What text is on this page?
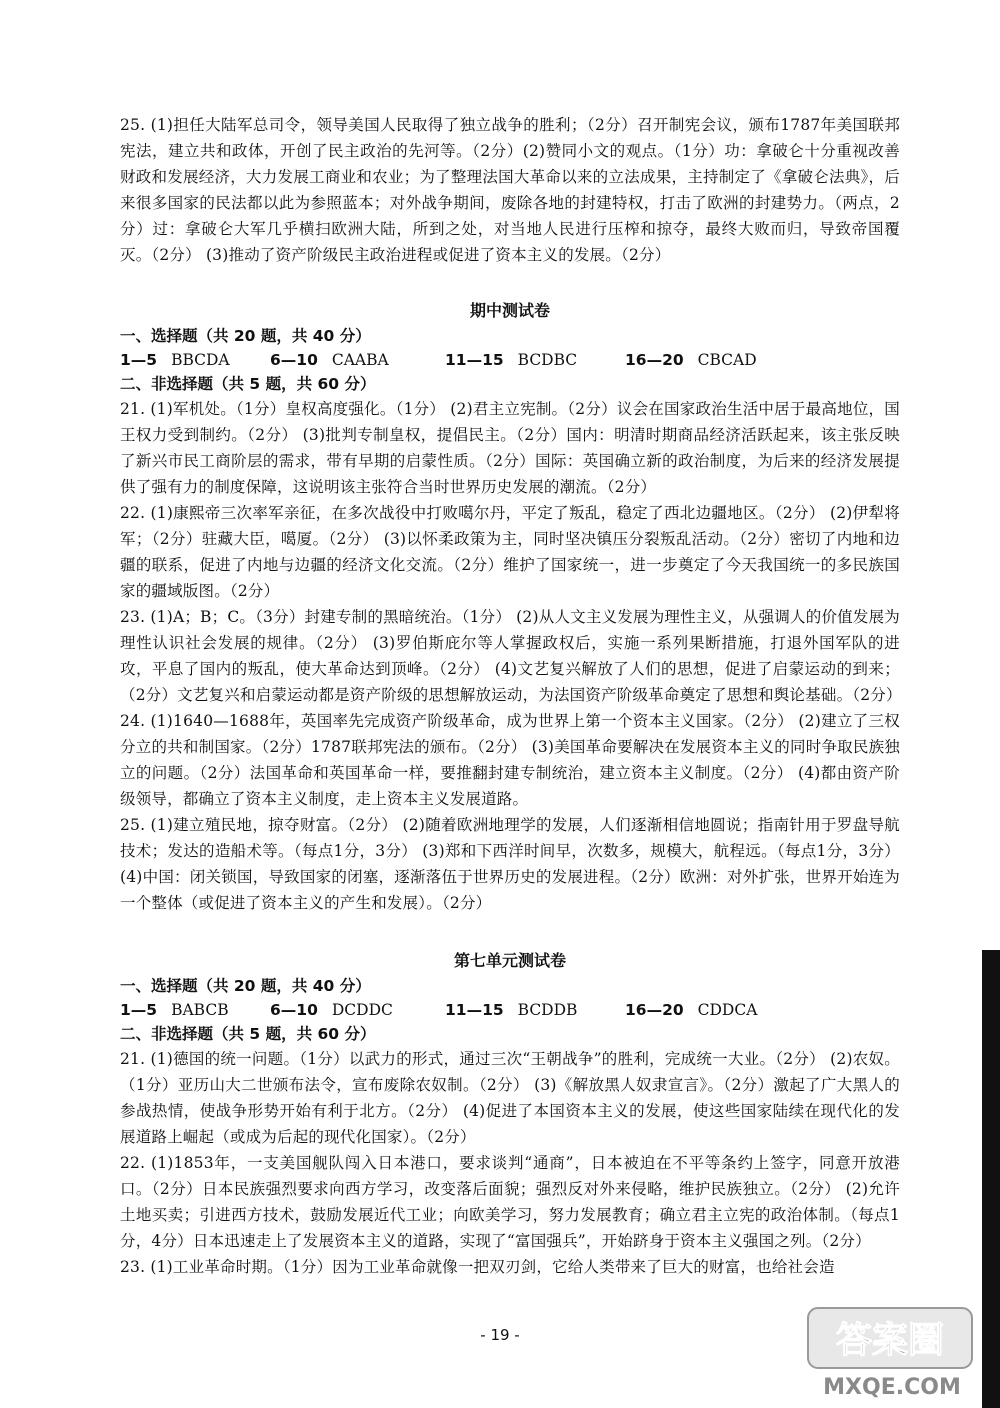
25. (1)担任大陆军总司令，领导美国人民取得了独立战争的胜利；（2分）召开制宪会议，颁布1787年美国联邦宪法，建立共和政体，开创了民主政治的先河等。（2分）(2)赞同小文的观点。（1分）功：拿破仑十分重视改善财政和发展经济，大力发展工商业和农业；为了整理法国大革命以来的立法成果，主持制定了《拿破仑法典》，后来很多国家的民法都以此为参照蓝本；对外战争期间，废除各地的封建特权，打击了欧洲的封建势力。（两点，2分）过：拿破仑大军几乎横扫欧洲大陆，所到之处，对当地人民进行压榨和掠夺，最终大败而归，导致帝国覆灭。（2分） (3)推动了资产阶级民主政治进程或促进了资本主义的发展。（2分）

期中测试卷

一、选择题（共 20 题，共 40 分）

1—5 BBCDA	6—10 CAABA	11—15 BCDBC	16—20 CBCAD

二、非选择题（共 5 题，共 60 分）

21. (1)军机处。（1分）皇权高度强化。（1分） (2)君主立宪制。（2分）议会在国家政治生活中居于最高地位，国王权力受到制约。（2分） (3)批判专制皇权，提倡民主。（2分）国内：明清时期商品经济活跃起来，该主张反映了新兴市民工商阶层的需求，带有早期的启蒙性质。（2分）国际：英国确立新的政治制度，为后来的经济发展提供了强有力的制度保障，这说明该主张符合当时世界历史发展的潮流。（2分）

22. (1)康熙帝三次率军亲征，在多次战役中打败噶尔丹，平定了叛乱，稳定了西北边疆地区。（2分） (2)伊犁将军；（2分）驻藏大臣，噶厦。（2分） (3)以怀柔政策为主，同时坚决镇压分裂叛乱活动。（2分）密切了内地和边疆的联系，促进了内地与边疆的经济文化交流。（2分）维护了国家统一，进一步奠定了今天我国统一的多民族国家的疆域版图。（2分）

23. (1)A；B；C。（3分）封建专制的黑暗统治。（1分） (2)从人文主义发展为理性主义，从强调人的价值发展为理性认识社会发展的规律。（2分） (3)罗伯斯庇尔等人掌握政权后，实施一系列果断措施，打退外国军队的进攻，平息了国内的叛乱，使大革命达到顶峰。（2分） (4)文艺复兴解放了人们的思想，促进了启蒙运动的到来；（2分）文艺复兴和启蒙运动都是资产阶级的思想解放运动，为法国资产阶级革命奠定了思想和舆论基础。（2分）

24. (1)1640—1688年，英国率先完成资产阶级革命，成为世界上第一个资本主义国家。（2分） (2)建立了三权分立的共和制国家。（2分）1787联邦宪法的颁布。（2分） (3)美国革命要解决在发展资本主义的同时争取民族独立的问题。（2分）法国革命和英国革命一样，要推翻封建专制统治，建立资本主义制度。（2分） (4)都由资产阶级领导，都确立了资本主义制度，走上资本主义发展道路。

25. (1)建立殖民地，掠夺财富。（2分） (2)随着欧洲地理学的发展，人们逐渐相信地圆说；指南针用于罗盘导航技术；发达的造船术等。（每点1分，3分） (3)郑和下西洋时间早，次数多，规模大，航程远。（每点1分，3分） (4)中国：闭关锁国，导致国家的闭塞，逐渐落伍于世界历史的发展进程。（2分）欧洲：对外扩张，世界开始连为一个整体（或促进了资本主义的产生和发展）。（2分）

第七单元测试卷

一、选择题（共 20 题，共 40 分）

1—5 BABCB	6—10 DCDDC	11—15 BCDDB	16—20 CDDCA

二、非选择题（共 5 题，共 60 分）

21. (1)德国的统一问题。（1分）以武力的形式，通过三次“王朝战争”的胜利，完成统一大业。（2分） (2)农奴。（1分）亚历山大二世颁布法令，宣布废除农奴制。（2分） (3)《解放黑人奴隶宣言》。（2分）激起了广大黑人的参战热情，使战争形势开始有利于北方。（2分） (4)促进了本国资本主义的发展，使这些国家陆续在现代化的发展道路上崛起（或成为后起的现代化国家）。（2分）

22. (1)1853年，一支美国舰队闯入日本港口，要求谈判“通商”，日本被迫在不平等条约上签字，同意开放港口。（2分）日本民族强烈要求向西方学习，改变落后面貌；强烈反对外来侵略，维护民族独立。（2分） (2)允许土地买卖；引进西方技术，鼓励发展近代工业；向欧美学习，努力发展教育；确立君主立宪的政治体制。（每点1分，4分）日本迅速走上了发展资本主义的道路，实现了“富国强兵”，开始跻身于资本主义强国之列。（2分）

23. (1)工业革命时期。（1分）因为工业革命就像一把双刃剑，它给人类带来了巨大的财富，也给社会造

- 19 -	答案圈
MXQE.COM
